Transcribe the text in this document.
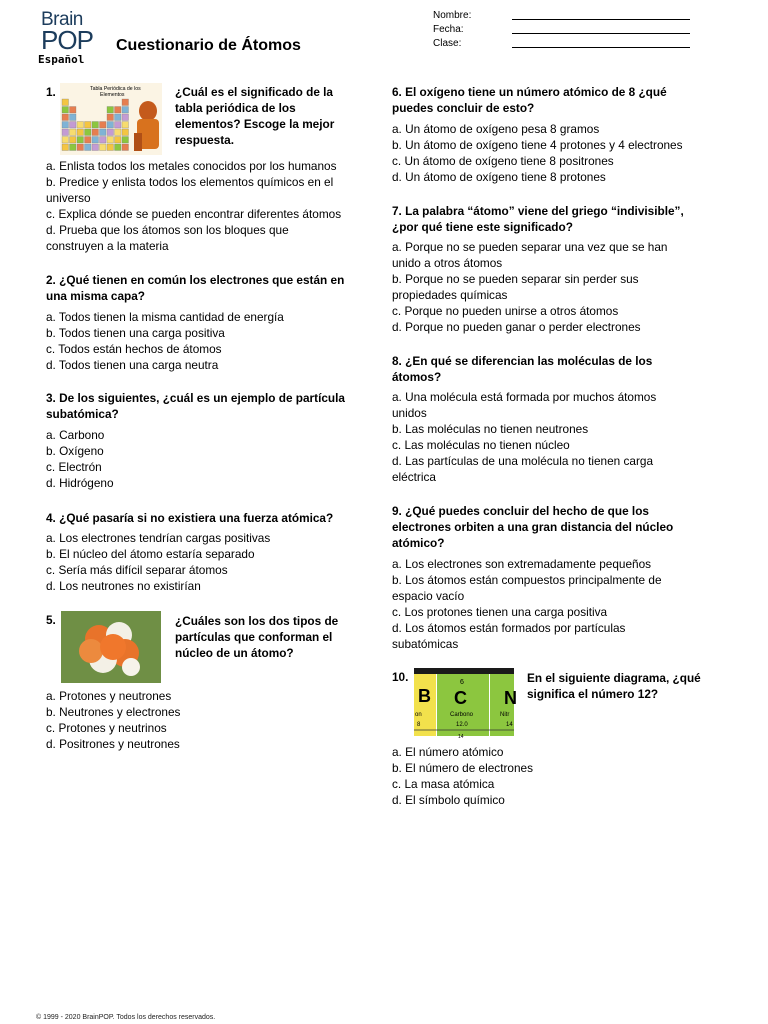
Brain
POP
Español
Cuestionario de Átomos
Nombre:
Fecha:
Clase:
1.	Tabla Periódica de los
Elementos	¿Cuál es el significado de la
tabla periódica de los
elementos? Escoge la mejor
respuesta.
a. Enlista todos los metales conocidos por los humanos
b. Predice y enlista todos los elementos químicos en el
universo
c. Explica dónde se pueden encontrar diferentes átomos
d. Prueba que los átomos son los bloques que
construyen a la materia
2. ¿Qué tienen en común los electrones que están en
una misma capa?
a. Todos tienen la misma cantidad de energía
b. Todos tienen una carga positiva
c. Todos están hechos de átomos
d. Todos tienen una carga neutra
3. De los siguientes, ¿cuál es un ejemplo de partícula
subatómica?
a. Carbono
b. Oxígeno
c. Electrón
d. Hidrógeno
4. ¿Qué pasaría si no existiera una fuerza atómica?
a. Los electrones tendrían cargas positivas
b. El núcleo del átomo estaría separado
c. Sería más difícil separar átomos
d. Los neutrones no existirían
5.	¿Cuáles son los dos tipos de
partículas que conforman el
núcleo de un átomo?
a. Protones y neutrones
b. Neutrones y electrones
c. Protones y neutrinos
d. Positrones y neutrones
6. El oxígeno tiene un número atómico de 8 ¿qué
puedes concluir de esto?
a. Un átomo de oxígeno pesa 8 gramos
b. Un átomo de oxígeno tiene 4 protones y 4 electrones
c. Un átomo de oxígeno tiene 8 positrones
d. Un átomo de oxígeno tiene 8 protones
7. La palabra “átomo” viene del griego “indivisible”,
¿por qué tiene este significado?
a. Porque no se pueden separar una vez que se han
unido a otros átomos
b. Porque no se pueden separar sin perder sus
propiedades químicas
c. Porque no pueden unirse a otros átomos
d. Porque no pueden ganar o perder electrones
8. ¿En qué se diferencian las moléculas de los
átomos?
a. Una molécula está formada por muchos átomos
unidos
b. Las moléculas no tienen neutrones
c. Las moléculas no tienen núcleo
d. Las partículas de una molécula no tienen carga
eléctrica
9. ¿Qué puedes concluir del hecho de que los
electrones orbiten a una gran distancia del núcleo
atómico?
a. Los electrones son extremadamente pequeños
b. Los átomos están compuestos principalmente de
espacio vacío
c. Los protones tienen una carga positiva
d. Los átomos están formados por partículas
subatómicas
10.
B
on
8
6
C
Carbono
12.0
14
N
Nitr
14
En el siguiente diagrama, ¿qué
significa el número 12?
a. El número atómico
b. El número de electrones
c. La masa atómica
d. El símbolo químico
© 1999 - 2020 BrainPOP. Todos los derechos reservados.
